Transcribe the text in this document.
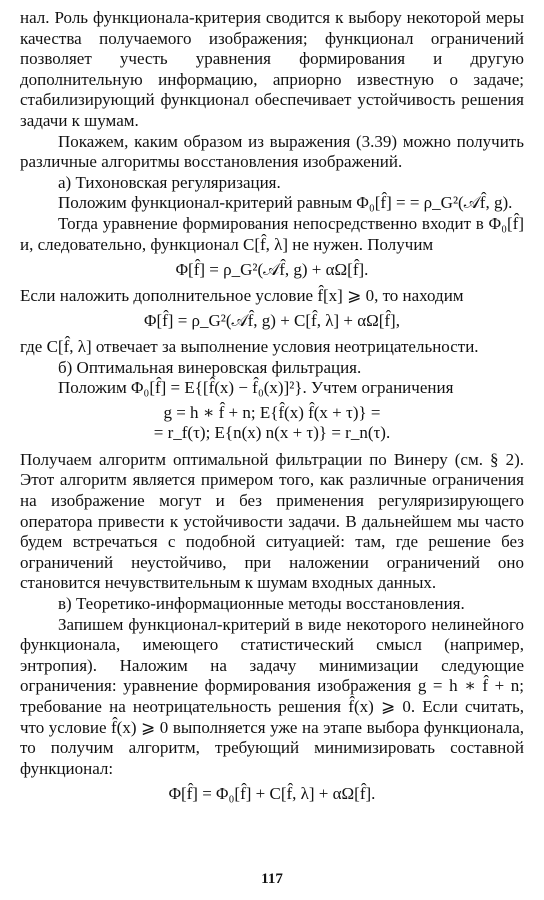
нал. Роль функционала-критерия сводится к выбору некоторой меры качества получаемого изображения; функционал ограничений позволяет учесть уравнения формирования и другую дополнительную информацию, априорно известную о задаче; стабилизирующий функционал обеспечивает устойчивость решения задачи к шумам.

Покажем, каким образом из выражения (3.39) можно получить различные алгоритмы восстановления изображений.

а) Тихоновская регуляризация.

Положим функционал-критерий равным Φ₀[f̂] = = ρ_G²(𝒜f̂, g).

Тогда уравнение формирования непосредственно входит в Φ₀[f̂] и, следовательно, функционал C[f̂, λ] не нужен. Получим

Φ[f̂] = ρ_G²(𝒜f̂, g) + αΩ[f̂].

Если наложить дополнительное условие f̂[x] ⩾ 0, то находим

Φ[f̂] = ρ_G²(𝒜f̂, g) + C[f̂, λ] + αΩ[f̂],

где C[f̂, λ] отвечает за выполнение условия неотрицательности.

б) Оптимальная винеровская фильтрация.

Положим Φ₀[f̂] = E{[f̂(x) − f̂₀(x)]²}. Учтем ограничения

g = h ∗ f̂ + n; E{f̂(x) f̂(x + τ)} =
= r_f(τ); E{n(x) n(x + τ)} = r_n(τ).

Получаем алгоритм оптимальной фильтрации по Винеру (см. § 2). Этот алгоритм является примером того, как различные ограничения на изображение могут и без применения регуляризирующего оператора привести к устойчивости задачи. В дальнейшем мы часто будем встречаться с подобной ситуацией: там, где решение без ограничений неустойчиво, при наложении ограничений оно становится нечувствительным к шумам входных данных.

в) Теоретико-информационные методы восстановления.

Запишем функционал-критерий в виде некоторого нелинейного функционала, имеющего статистический смысл (например, энтропия). Наложим на задачу минимизации следующие ограничения: уравнение формирования изображения g = h ∗ f̂ + n; требование на неотрицательность решения f̂(x) ⩾ 0. Если считать, что условие f̂(x) ⩾ 0 выполняется уже на этапе выбора функционала, то получим алгоритм, требующий минимизировать составной функционал:

Φ[f̂] = Φ₀[f̂] + C[f̂, λ] + αΩ[f̂].
117
